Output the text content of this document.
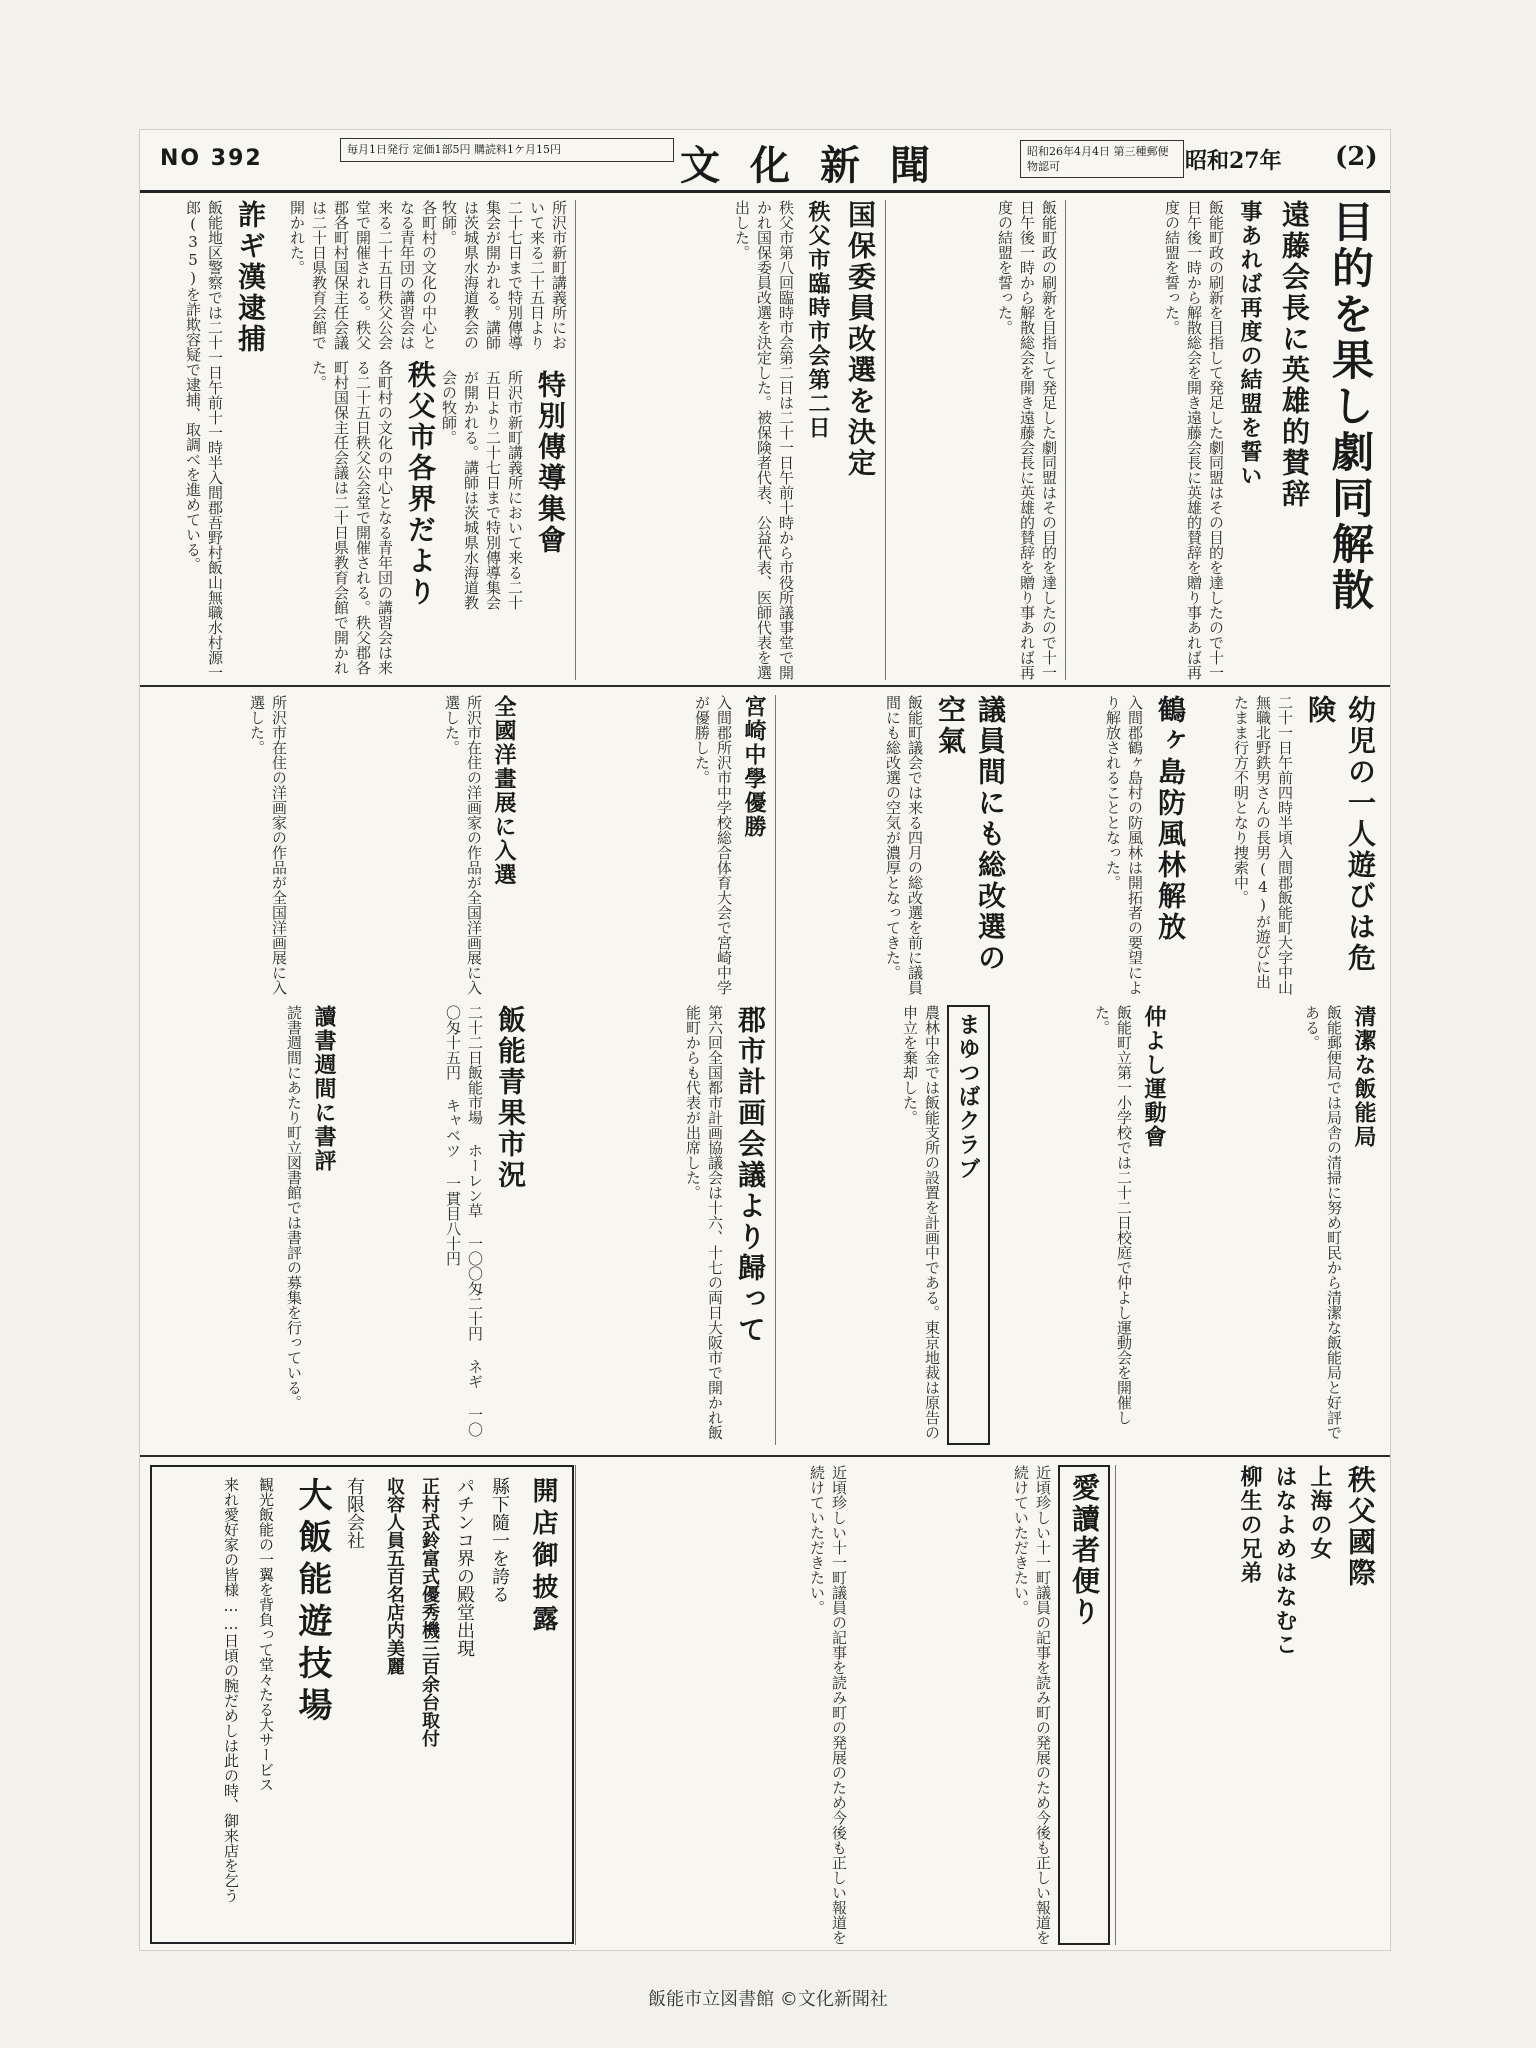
NO 392	毎月1日発行 定価1部5円 購読料1ケ月15円	文化新聞	昭和26年4月4日 第三種郵便物認可	昭和27年 (2)
目的を果し劇同解散
遠藤会長に英雄的賛辞
事あれば再度の結盟を誓い
飯能町政の刷新を目指して発足した劇同盟はその目的を達したので十一日午後一時から解散総会を開き遠藤会長に英雄的賛辞を贈り事あれば再度の結盟を誓った。
飯能町政の刷新を目指して発足した劇同盟はその目的を達したので十一日午後一時から解散総会を開き遠藤会長に英雄的賛辞を贈り事あれば再度の結盟を誓った。
国保委員改選を決定
秩父市臨時市会第二日
秩父市第八回臨時市会第二日は二十一日午前十時から市役所議事堂で開かれ国保委員改選を決定した。被保険者代表、公益代表、医師代表を選出した。
特別傳導集會
所沢市新町講義所において来る二十五日より二十七日まで特別傳導集会が開かれる。講師は茨城県水海道教会の牧師。
詐ギ漢逮捕
飯能地区警察では二十一日午前十一時半入間郡吾野村飯山無職水村源一郎(35)を詐欺容疑で逮捕、取調べを進めている。	秩父市各界だより
各町村の文化の中心となる青年団の講習会は来る二十五日秩父公会堂で開催される。秩父郡各町村国保主任会議は二十日県教育会館で開かれた。
各町村の文化の中心となる青年団の講習会は来る二十五日秩父公会堂で開催される。秩父郡各町村国保主任会議は二十日県教育会館で開かれた。	所沢市新町講義所において来る二十五日より二十七日まで特別傳導集会が開かれる。講師は茨城県水海道教会の牧師。
幼児の一人遊びは危険
二十一日午前四時半頃入間郡飯能町大字中山無職北野鉄男さんの長男(4)が遊びに出たまま行方不明となり捜索中。
鶴ヶ島防風林解放
入間郡鶴ヶ島村の防風林は開拓者の要望により解放されることとなった。
議員間にも総改選の空氣
飯能町議会では来る四月の総改選を前に議員間にも総改選の空気が濃厚となってきた。
宮崎中學優勝
入間郡所沢市中学校総合体育大会で宮崎中学が優勝した。
全國洋畫展に入選
所沢市在住の洋画家の作品が全国洋画展に入選した。
所沢市在住の洋画家の作品が全国洋画展に入選した。
清潔な飯能局
飯能郵便局では局舎の清掃に努め町民から清潔な飯能局と好評である。
仲よし運動會
飯能町立第一小学校では二十二日校庭で仲よし運動会を開催した。
まゆつばクラブ
農林中金では飯能支所の設置を計画中である。東京地裁は原告の申立を棄却した。
郡市計画会議より歸って
第六回全国都市計画協議会は十六、十七の両日大阪市で開かれ飯能町からも代表が出席した。
飯能青果市況
二十二日飯能市場 ホーレン草 一〇〇匁二十円 ネギ 一〇〇匁十五円 キャベツ 一貫目八十円
讀書週間に書評
読書週間にあたり町立図書館では書評の募集を行っている。
秩父國際
上海の女
はなよめはなむこ
柳生の兄弟
愛讀者便り
近頃珍しい十一町議員の記事を読み町の発展のため今後も正しい報道を続けていただきたい。
近頃珍しい十一町議員の記事を読み町の発展のため今後も正しい報道を続けていただきたい。
開店御披露
縣下隨一を誇る
パチンコ界の殿堂出現
正村式鈴富式優秀機三百余台取付
収容人員五百名店内美麗
有限会社
大飯能遊技場
観光飯能の一翼を背負って堂々たる大サービス
来れ愛好家の皆様……日頃の腕だめしは此の時、御来店を乞う
飯能市立図書館 ©文化新聞社
